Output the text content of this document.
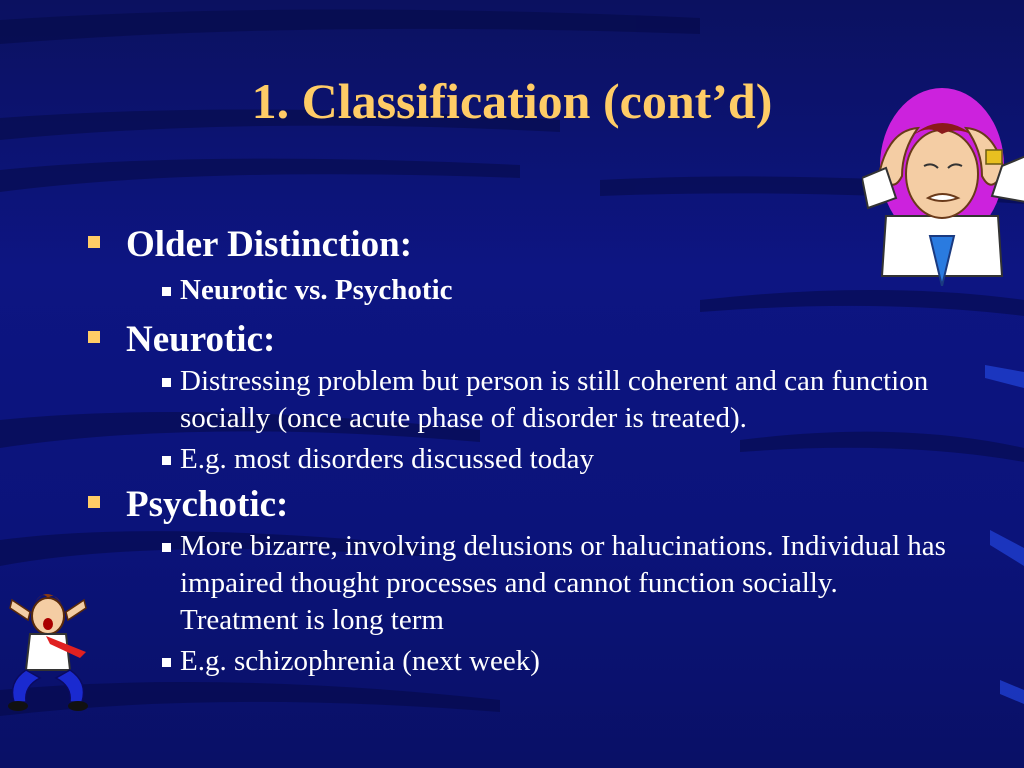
1. Classification (cont’d)
Older Distinction:
Neurotic vs. Psychotic
Neurotic:
Distressing problem but person is still coherent and can function socially (once acute phase of disorder is treated).
E.g. most disorders discussed today
Psychotic:
More bizarre, involving delusions or halucinations. Individual has impaired thought processes and cannot function socially. Treatment is long term
E.g. schizophrenia (next week)
